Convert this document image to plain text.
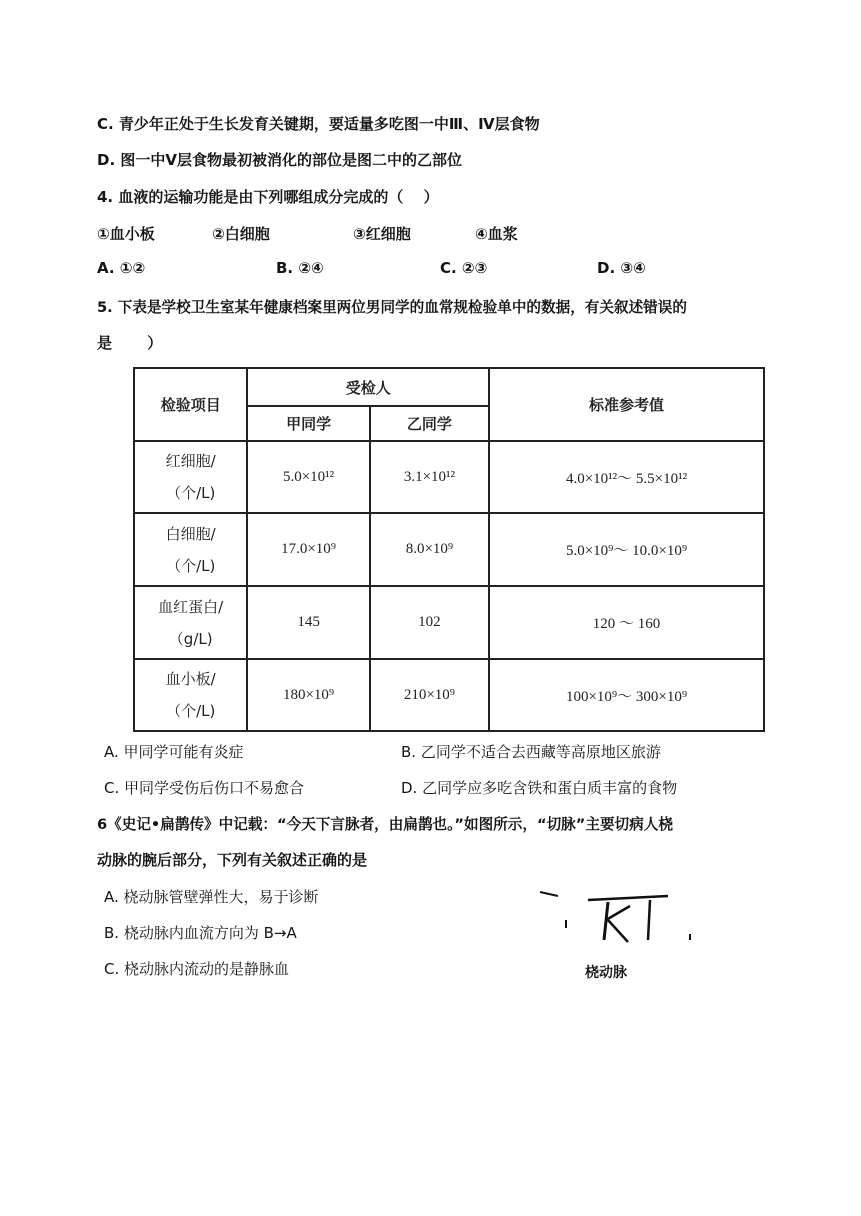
C. 青少年正处于生长发育关键期，要适量多吃图一中Ⅲ、Ⅳ层食物
D. 图一中Ⅴ层食物最初被消化的部位是图二中的乙部位
4. 血液的运输功能是由下列哪组成分完成的（　 ）
①血小板	②白细胞	③红细胞	④血浆
A. ①②	B. ②④	C. ②③	D. ③④
5. 下表是学校卫生室某年健康档案里两位男同学的血常规检验单中的数据，有关叙述错误的
是　　 ）
检验项目	受检人		标准参考值
	甲同学	乙同学	
红细胞/
（个/L)	5.0×10¹²	3.1×10¹²	4.0×10¹²～ 5.5×10¹²
白细胞/
（个/L)	17.0×10⁹	8.0×10⁹	5.0×10⁹～ 10.0×10⁹
血红蛋白/
（g/L)	145	102	120 ～ 160
血小板/
（个/L)	180×10⁹	210×10⁹	100×10⁹～ 300×10⁹
A. 甲同学可能有炎症	B. 乙同学不适合去西藏等高原地区旅游
C. 甲同学受伤后伤口不易愈合	D. 乙同学应多吃含铁和蛋白质丰富的食物
6《史记•扁鹊传》中记载：“今天下言脉者，由扁鹊也。”如图所示，“切脉”主要切病人桡
动脉的腕后部分，下列有关叙述正确的是
A. 桡动脉管壁弹性大，易于诊断
B. 桡动脉内血流方向为 B→A
C. 桡动脉内流动的是静脉血	桡动脉
